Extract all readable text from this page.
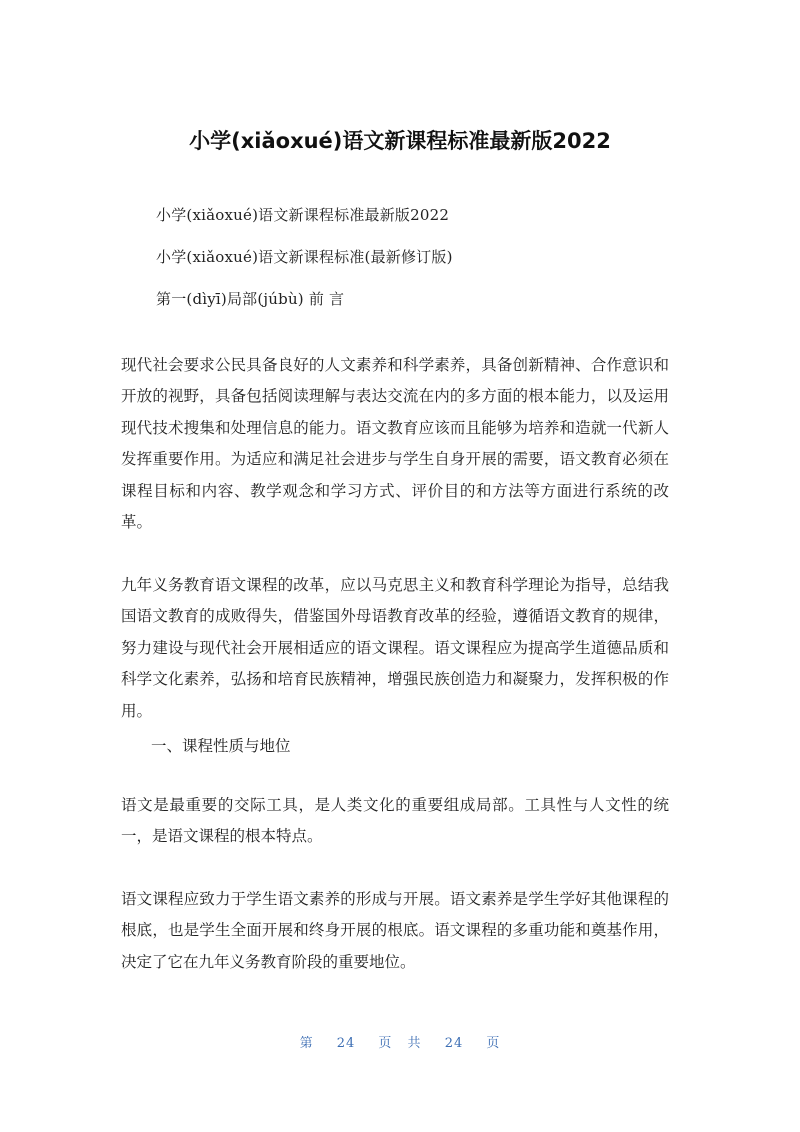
小学(xiǎoxué)语文新课程标准最新版2022
小学(xiǎoxué)语文新课程标准最新版2022
小学(xiǎoxué)语文新课程标准(最新修订版)
第一(dìyī)局部(júbù) 前 言
现代社会要求公民具备良好的人文素养和科学素养，具备创新精神、合作意识和开放的视野，具备包括阅读理解与表达交流在内的多方面的根本能力，以及运用现代技术搜集和处理信息的能力。语文教育应该而且能够为培养和造就一代新人发挥重要作用。为适应和满足社会进步与学生自身开展的需要，语文教育必须在课程目标和内容、教学观念和学习方式、评价目的和方法等方面进行系统的改革。
九年义务教育语文课程的改革，应以马克思主义和教育科学理论为指导，总结我国语文教育的成败得失，借鉴国外母语教育改革的经验，遵循语文教育的规律，努力建设与现代社会开展相适应的语文课程。语文课程应为提高学生道德品质和科学文化素养，弘扬和培育民族精神，增强民族创造力和凝聚力，发挥积极的作用。
一、课程性质与地位
语文是最重要的交际工具，是人类文化的重要组成局部。工具性与人文性的统一，是语文课程的根本特点。
语文课程应致力于学生语文素养的形成与开展。语文素养是学生学好其他课程的根底，也是学生全面开展和终身开展的根底。语文课程的多重功能和奠基作用，决定了它在九年义务教育阶段的重要地位。
第 24 页 共 24 页
